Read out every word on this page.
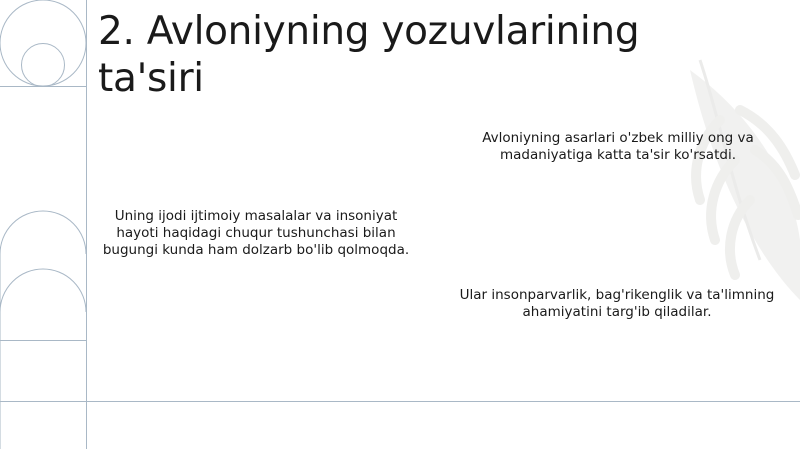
2. Avloniyning yozuvlarining ta'siri

Avloniyning asarlari o'zbek milliy ong va madaniyatiga katta ta'sir ko'rsatdi.

Uning ijodi ijtimoiy masalalar va insoniyat hayoti haqidagi chuqur tushunchasi bilan bugungi kunda ham dolzarb bo'lib qolmoqda.

Ular insonparvarlik, bag'rikenglik va ta'limning ahamiyatini targ'ib qiladilar.
